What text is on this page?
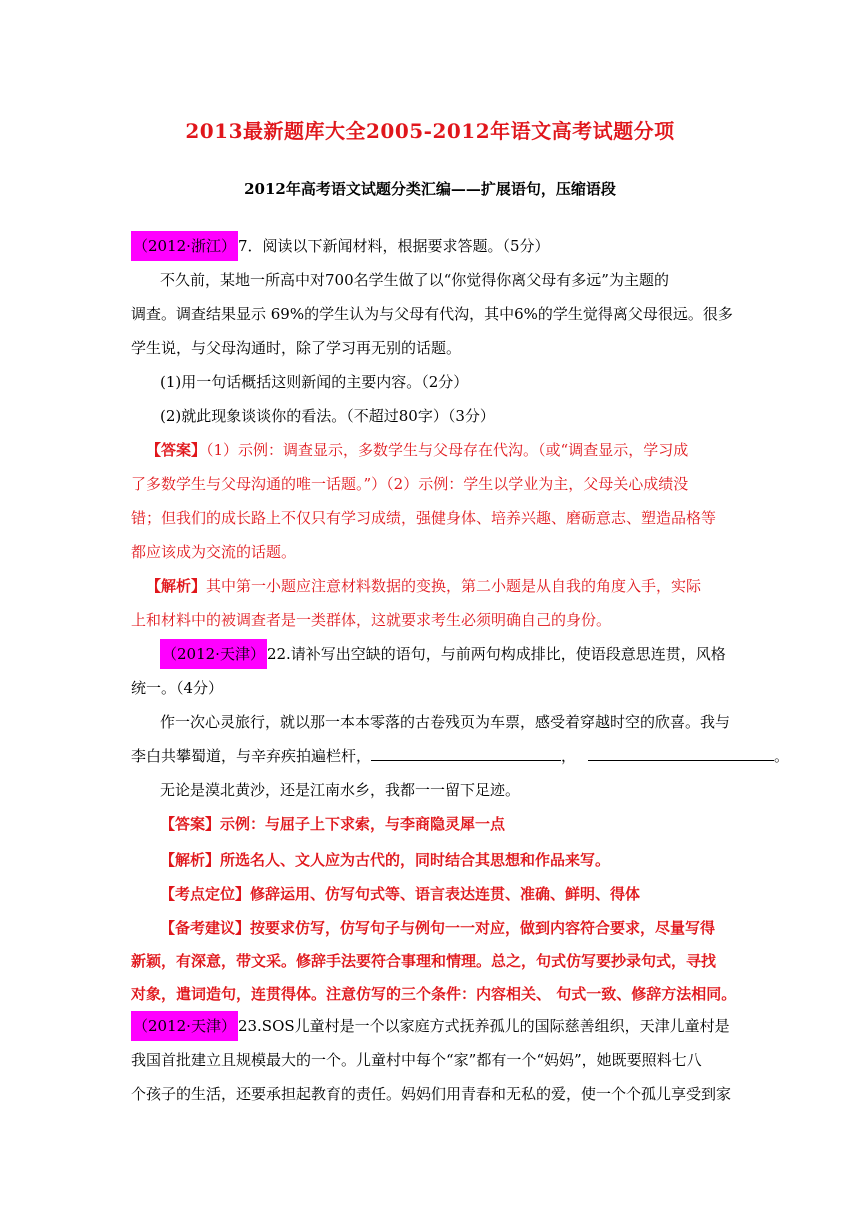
2013最新题库大全2005-2012年语文高考试题分项
2012年高考语文试题分类汇编——扩展语句，压缩语段
（2012·浙江） 7．阅读以下新闻材料，根据要求答题。（5分）
不久前，某地一所高中对700名学生做了以“你觉得你离父母有多远”为主题的
调查。调查结果显示 69%的学生认为与父母有代沟，其中6%的学生觉得离父母很远。很多
学生说，与父母沟通时，除了学习再无别的话题。
(1)用一句话概括这则新闻的主要内容。（2分）
(2)就此现象谈谈你的看法。（不超过80字）（3分）
【答案】（1）示例：调查显示，多数学生与父母存在代沟。（或“调查显示，学习成
了多数学生与父母沟通的唯一话题。”）（2）示例：学生以学业为主，父母关心成绩没
错；但我们的成长路上不仅只有学习成绩，强健身体、培养兴趣、磨砺意志、塑造品格等
都应该成为交流的话题。
【解析】其中第一小题应注意材料数据的变换，第二小题是从自我的角度入手，实际
上和材料中的被调查者是一类群体，这就要求考生必须明确自己的身份。
（2012·天津） 22.请补写出空缺的语句，与前两句构成排比，使语段意思连贯，风格
统一。（4分）
作一次心灵旅行，就以那一本本零落的古卷残页为车票，感受着穿越时空的欣喜。我与
李白共攀蜀道，与辛弃疾拍遍栏杆，	，	。
无论是漠北黄沙，还是江南水乡，我都一一留下足迹。
【答案】示例：与屈子上下求索，与李商隐灵犀一点
【解析】所选名人、文人应为古代的，同时结合其思想和作品来写。
【考点定位】修辞运用、仿写句式等、语言表达连贯、准确、鲜明、得体
【备考建议】按要求仿写，仿写句子与例句一一对应，做到内容符合要求，尽量写得
新颖，有深意，带文采。修辞手法要符合事理和情理。总之，句式仿写要抄录句式，寻找
对象，遣词造句，连贯得体。注意仿写的三个条件：内容相关、 句式一致、修辞方法相同。
（2012·天津） 23.SOS儿童村是一个以家庭方式抚养孤儿的国际慈善组织，天津儿童村是
我国首批建立且规模最大的一个。儿童村中每个“家”都有一个“妈妈”，她既要照料七八
个孩子的生活，还要承担起教育的责任。妈妈们用青春和无私的爱，使一个个孤儿享受到家
